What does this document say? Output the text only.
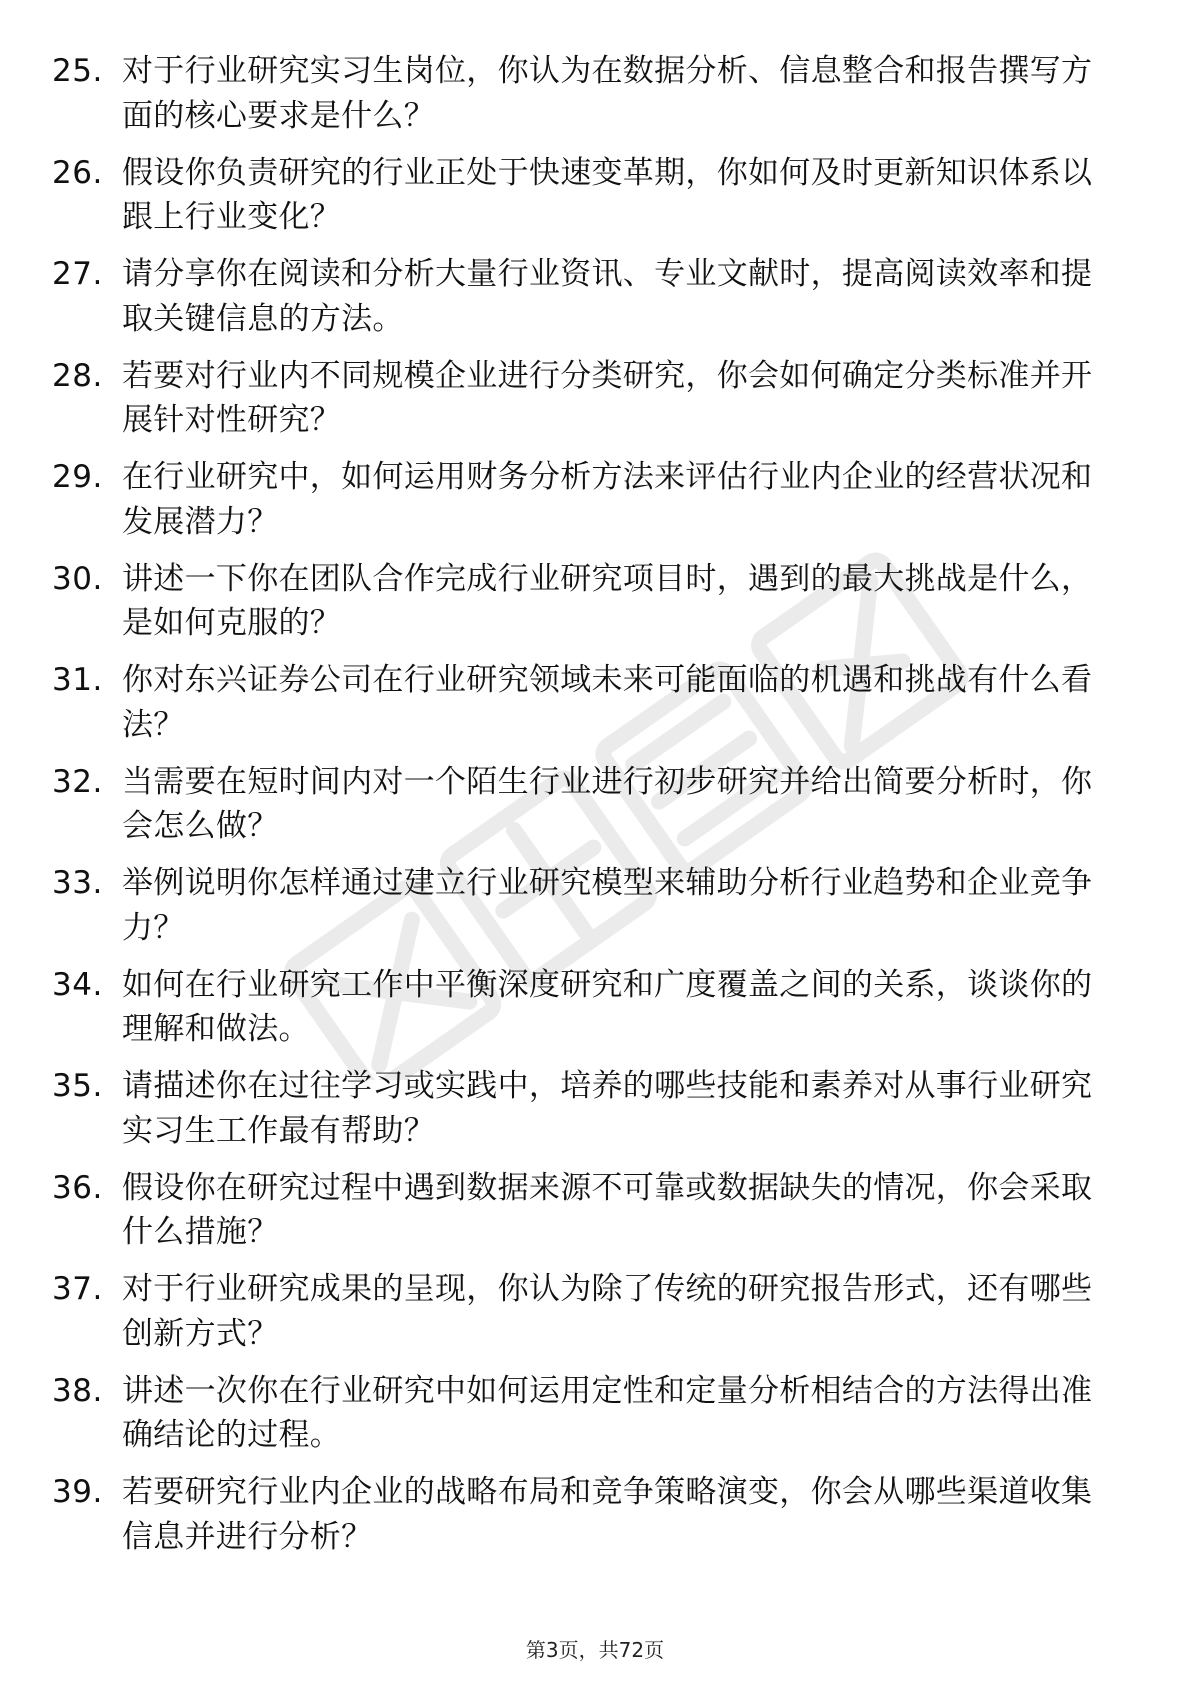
25. 对于行业研究实习生岗位，你认为在数据分析、信息整合和报告撰写方面的核心要求是什么？
26. 假设你负责研究的行业正处于快速变革期，你如何及时更新知识体系以跟上行业变化？
27. 请分享你在阅读和分析大量行业资讯、专业文献时，提高阅读效率和提取关键信息的方法。
28. 若要对行业内不同规模企业进行分类研究，你会如何确定分类标准并开展针对性研究？
29. 在行业研究中，如何运用财务分析方法来评估行业内企业的经营状况和发展潜力？
30. 讲述一下你在团队合作完成行业研究项目时，遇到的最大挑战是什么，是如何克服的？
31. 你对东兴证券公司在行业研究领域未来可能面临的机遇和挑战有什么看法？
32. 当需要在短时间内对一个陌生行业进行初步研究并给出简要分析时，你会怎么做？
33. 举例说明你怎样通过建立行业研究模型来辅助分析行业趋势和企业竞争力？
34. 如何在行业研究工作中平衡深度研究和广度覆盖之间的关系，谈谈你的理解和做法。
35. 请描述你在过往学习或实践中，培养的哪些技能和素养对从事行业研究实习生工作最有帮助？
36. 假设你在研究过程中遇到数据来源不可靠或数据缺失的情况，你会采取什么措施？
37. 对于行业研究成果的呈现，你认为除了传统的研究报告形式，还有哪些创新方式？
38. 讲述一次你在行业研究中如何运用定性和定量分析相结合的方法得出准确结论的过程。
39. 若要研究行业内企业的战略布局和竞争策略演变，你会从哪些渠道收集信息并进行分析？
第3页，共72页
